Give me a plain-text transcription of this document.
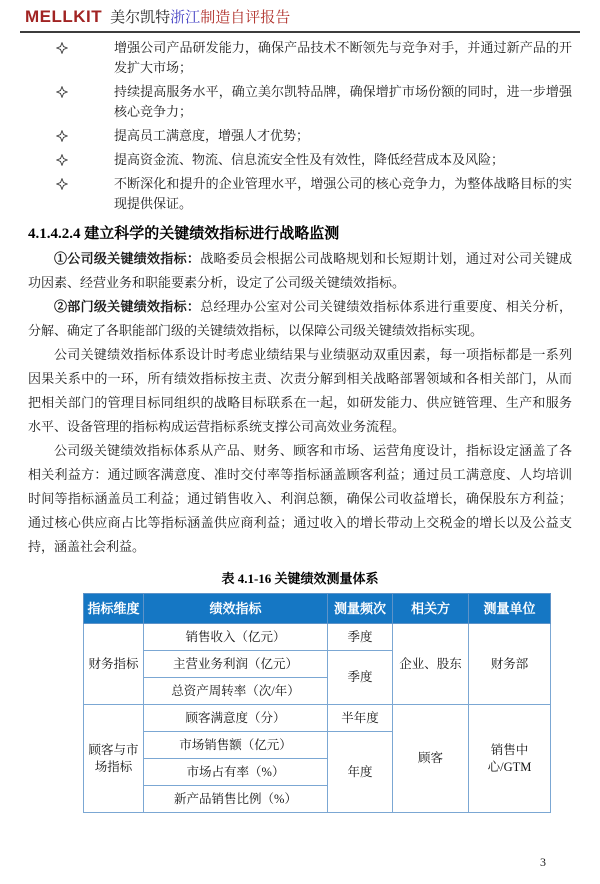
MELLKIT 美尔凯特浙江制造自评报告
增强公司产品研发能力，确保产品技术不断领先与竞争对手，并通过新产品的开发扩大市场；
持续提高服务水平，确立美尔凯特品牌，确保增扩市场份额的同时，进一步增强核心竞争力；
提高员工满意度，增强人才优势；
提高资金流、物流、信息流安全性及有效性，降低经营成本及风险；
不断深化和提升的企业管理水平，增强公司的核心竞争力，为整体战略目标的实现提供保证。
4.1.4.2.4 建立科学的关键绩效指标进行战略监测

①公司级关键绩效指标：战略委员会根据公司战略规划和长短期计划，通过对公司关键成功因素、经营业务和职能要素分析，设定了公司级关键绩效指标。

②部门级关键绩效指标：总经理办公室对公司关键绩效指标体系进行重要度、相关分析，分解、确定了各职能部门级的关键绩效指标，以保障公司级关键绩效指标实现。

公司关键绩效指标体系设计时考虑业绩结果与业绩驱动双重因素，每一项指标都是一系列因果关系中的一环，所有绩效指标按主责、次责分解到相关战略部署领域和各相关部门，从而把相关部门的管理目标同组织的战略目标联系在一起，如研发能力、供应链管理、生产和服务水平、设备管理的指标构成运营指标系统支撑公司高效业务流程。

公司级关键绩效指标体系从产品、财务、顾客和市场、运营角度设计，指标设定涵盖了各相关利益方：通过顾客满意度、准时交付率等指标涵盖顾客利益；通过员工满意度、人均培训时间等指标涵盖员工利益；通过销售收入、利润总额，确保公司收益增长，确保股东方利益；通过核心供应商占比等指标涵盖供应商利益；通过收入的增长带动上交税金的增长以及公益支持，涵盖社会利益。

表 4.1-16 关键绩效测量体系
指标维度	绩效指标	测量频次	相关方	测量单位
财务指标	销售收入（亿元）	季度	企业、股东	财务部
	主营业务利润（亿元）	季度		
	总资产周转率（次/年）			
顾客与市场指标	顾客满意度（分）	半年度	顾客	销售中心/GTM
	市场销售额（亿元）	年度		
	市场占有率（%）			
	新产品销售比例（%）			
3
